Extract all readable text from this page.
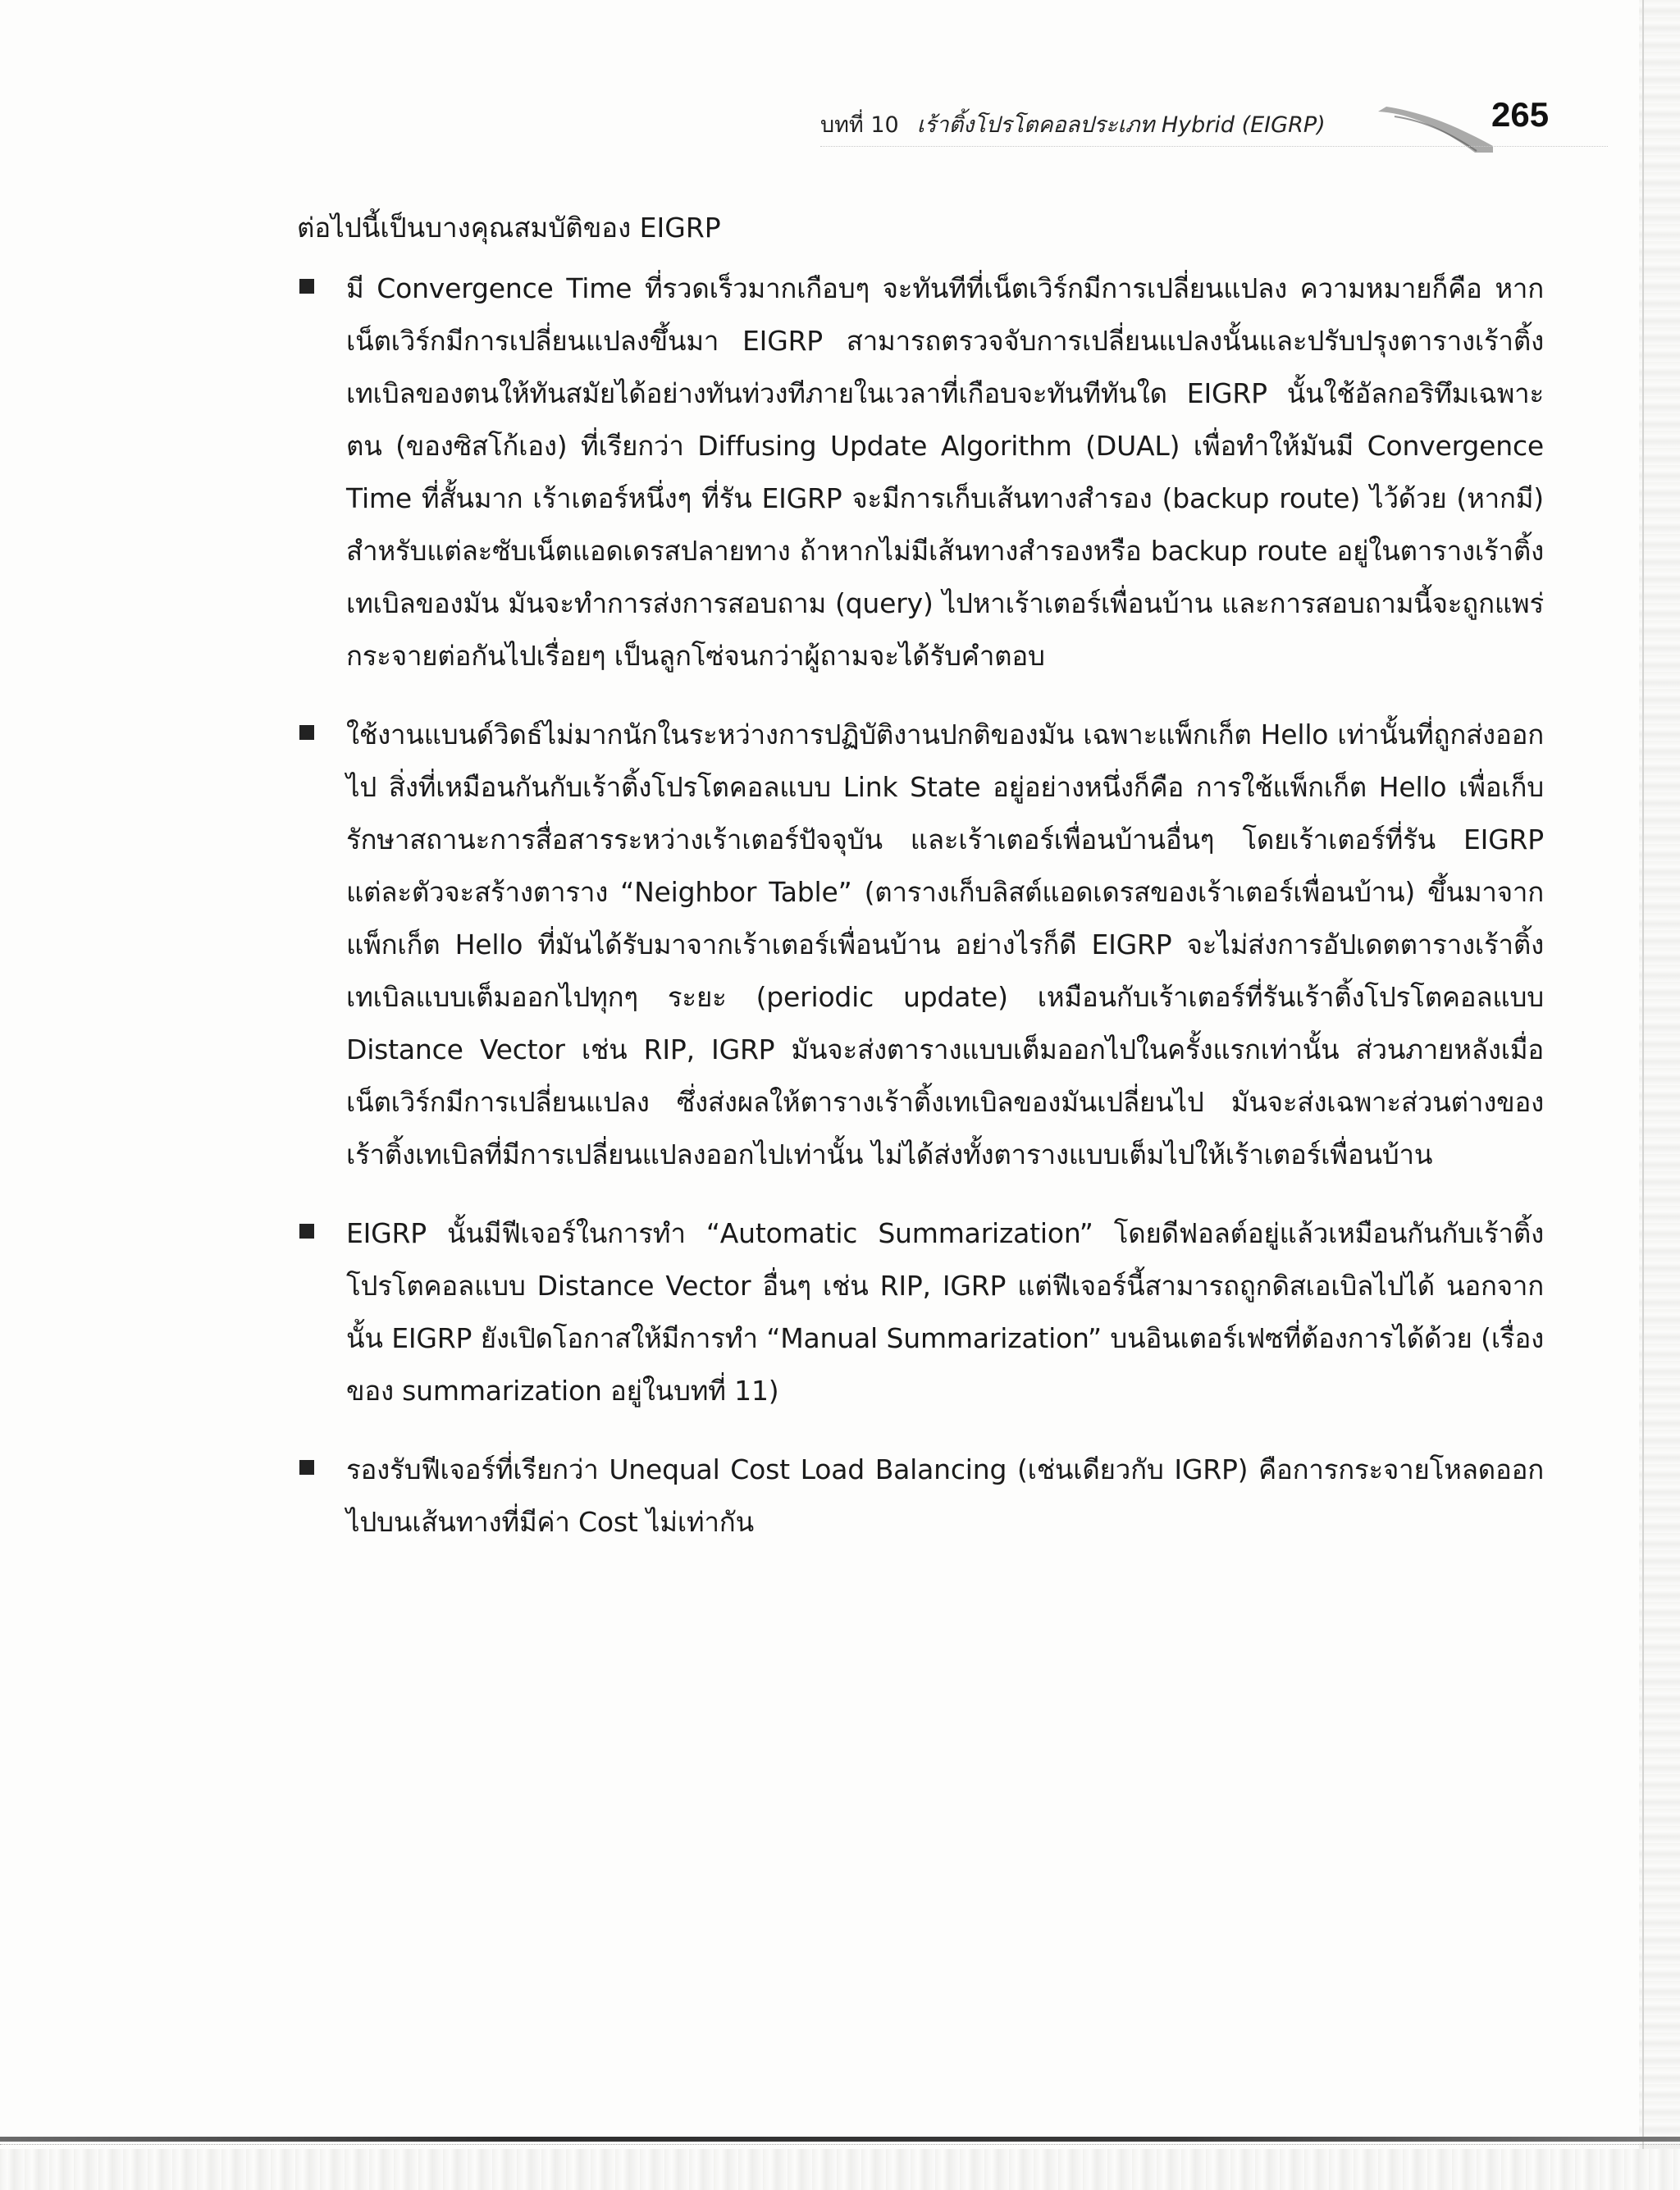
บทที่ 10 เร้าติ้งโปรโตคอลประเภท Hybrid (EIGRP)	265

ต่อไปนี้เป็นบางคุณสมบัติของ EIGRP

มี Convergence Time ที่รวดเร็วมากเกือบๆ จะทันทีที่เน็ตเวิร์กมีการเปลี่ยนแปลง ความหมายก็คือ หากเน็ตเวิร์กมีการเปลี่ยนแปลงขึ้นมา EIGRP สามารถตรวจจับการเปลี่ยนแปลงนั้นและปรับปรุงตารางเร้าติ้งเทเบิลของตนให้ทันสมัยได้อย่างทันท่วงทีภายในเวลาที่เกือบจะทันทีทันใด EIGRP นั้นใช้อัลกอริทึมเฉพาะตน (ของซิสโก้เอง) ที่เรียกว่า Diffusing Update Algorithm (DUAL) เพื่อทำให้มันมี Convergence Time ที่สั้นมาก เร้าเตอร์หนึ่งๆ ที่รัน EIGRP จะมีการเก็บเส้นทางสำรอง (backup route) ไว้ด้วย (หากมี) สำหรับแต่ละซับเน็ตแอดเดรสปลายทาง ถ้าหากไม่มีเส้นทางสำรองหรือ backup route อยู่ในตารางเร้าติ้งเทเบิลของมัน มันจะทำการส่งการสอบถาม (query) ไปหาเร้าเตอร์เพื่อนบ้าน และการสอบถามนี้จะถูกแพร่กระจายต่อกันไปเรื่อยๆ เป็นลูกโซ่จนกว่าผู้ถามจะได้รับคำตอบ
ใช้งานแบนด์วิดธ์ไม่มากนักในระหว่างการปฏิบัติงานปกติของมัน เฉพาะแพ็กเก็ต Hello เท่านั้นที่ถูกส่งออกไป สิ่งที่เหมือนกันกับเร้าติ้งโปรโตคอลแบบ Link State อยู่อย่างหนึ่งก็คือ การใช้แพ็กเก็ต Hello เพื่อเก็บรักษาสถานะการสื่อสารระหว่างเร้าเตอร์ปัจจุบัน และเร้าเตอร์เพื่อนบ้านอื่นๆ โดยเร้าเตอร์ที่รัน EIGRP แต่ละตัวจะสร้างตาราง “Neighbor Table” (ตารางเก็บลิสต์แอดเดรสของเร้าเตอร์เพื่อนบ้าน) ขึ้นมาจากแพ็กเก็ต Hello ที่มันได้รับมาจากเร้าเตอร์เพื่อนบ้าน อย่างไรก็ดี EIGRP จะไม่ส่งการอัปเดตตารางเร้าติ้งเทเบิลแบบเต็มออกไปทุกๆ ระยะ (periodic update) เหมือนกับเร้าเตอร์ที่รันเร้าติ้งโปรโตคอลแบบ Distance Vector เช่น RIP, IGRP มันจะส่งตารางแบบเต็มออกไปในครั้งแรกเท่านั้น ส่วนภายหลังเมื่อเน็ตเวิร์กมีการเปลี่ยนแปลง ซึ่งส่งผลให้ตารางเร้าติ้งเทเบิลของมันเปลี่ยนไป มันจะส่งเฉพาะส่วนต่างของเร้าติ้งเทเบิลที่มีการเปลี่ยนแปลงออกไปเท่านั้น ไม่ได้ส่งทั้งตารางแบบเต็มไปให้เร้าเตอร์เพื่อนบ้าน
EIGRP นั้นมีฟีเจอร์ในการทำ “Automatic Summarization” โดยดีฟอลต์อยู่แล้วเหมือนกันกับเร้าติ้งโปรโตคอลแบบ Distance Vector อื่นๆ เช่น RIP, IGRP แต่ฟีเจอร์นี้สามารถถูกดิสเอเบิลไปได้ นอกจากนั้น EIGRP ยังเปิดโอกาสให้มีการทำ “Manual Summarization” บนอินเตอร์เฟซที่ต้องการได้ด้วย (เรื่องของ summarization อยู่ในบทที่ 11)
รองรับฟีเจอร์ที่เรียกว่า Unequal Cost Load Balancing (เช่นเดียวกับ IGRP) คือการกระจายโหลดออกไปบนเส้นทางที่มีค่า Cost ไม่เท่ากัน
